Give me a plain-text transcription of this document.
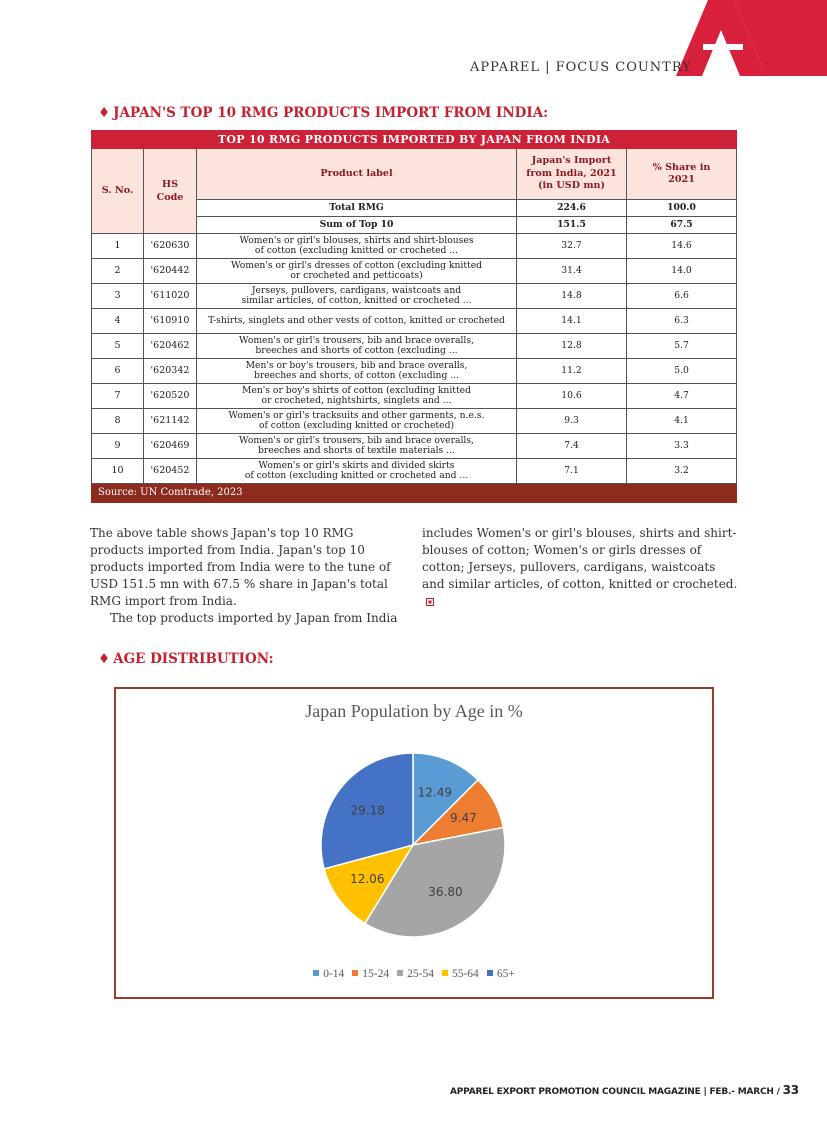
APPAREL | FOCUS COUNTRY
♦ JAPAN'S TOP 10 RMG PRODUCTS IMPORT FROM INDIA:
TOP 10 RMG PRODUCTS IMPORTED BY JAPAN FROM INDIA				
S. No.	HS Code	Product label	Japan's Import from India, 2021 (in USD mn)	% Share in 2021
		Total RMG	224.6	100.0
		Sum of Top 10	151.5	67.5
1	'620630	Women's or girl's blouses, shirts and shirt-blouses
of cotton (excluding knitted or crocheted ...	32.7	14.6
2	'620442	Women's or girl's dresses of cotton (excluding knitted
or crocheted and petticoats)	31.4	14.0
3	'611020	Jerseys, pullovers, cardigans, waistcoats and
similar articles, of cotton, knitted or crocheted ...	14.8	6.6
4	'610910	T-shirts, singlets and other vests of cotton, knitted or crocheted	14.1	6.3
5	'620462	Women's or girl's trousers, bib and brace overalls,
breeches and shorts of cotton (excluding ...	12.8	5.7
6	'620342	Men's or boy's trousers, bib and brace overalls,
breeches and shorts, of cotton (excluding ...	11.2	5.0
7	'620520	Men's or boy's shirts of cotton (excluding knitted
or crocheted, nightshirts, singlets and ...	10.6	4.7
8	'621142	Women's or girl's tracksuits and other garments, n.e.s.
of cotton (excluding knitted or crocheted)	9.3	4.1
9	'620469	Women's or girl's trousers, bib and brace overalls,
breeches and shorts of textile materials ...	7.4	3.3
10	'620452	Women's or girl's skirts and divided skirts
of cotton (excluding knitted or crocheted and ...	7.1	3.2
Source: UN Comtrade, 2023				

The above table shows Japan's top 10 RMG products imported from India. Japan's top 10 products imported from India were to the tune of USD 151.5 mn with 67.5 % share in Japan's total RMG import from India.

The top products imported by Japan from India

includes Women's or girl's blouses, shirts and shirt-blouses of cotton; Women's or girls dresses of cotton; Jerseys, pullovers, cardigans, waistcoats and similar articles, of cotton, knitted or crocheted.

♦ AGE DISTRIBUTION:
Japan Population by Age in %
12.49
9.47
36.80
12.06
29.18
0-14 15-24 25-54 55-64 65+
APPAREL EXPORT PROMOTION COUNCIL MAGAZINE | FEB.- MARCH / 33
